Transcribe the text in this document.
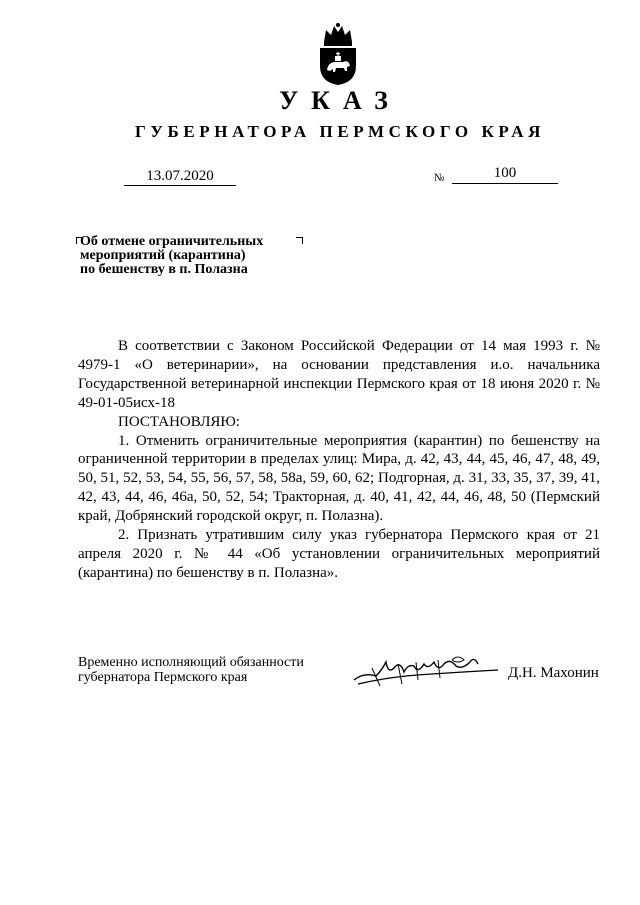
УКАЗ
ГУБЕРНАТОРА ПЕРМСКОГО КРАЯ
13.07.2020	№	100
Об отмене ограничительных
мероприятий (карантина)
по бешенству в п. Полазна

В соответствии с Законом Российской Федерации от 14 мая 1993 г. № 4979-1 «О ветеринарии», на основании представления и.о. начальника Государственной ветеринарной инспекции Пермского края от 18 июня 2020 г. № 49-01-05исх-18

ПОСТАНОВЛЯЮ:

1. Отменить ограничительные мероприятия (карантин) по бешенству на ограниченной территории в пределах улиц: Мира, д. 42, 43, 44, 45, 46, 47, 48, 49, 50, 51, 52, 53, 54, 55, 56, 57, 58, 58а, 59, 60, 62; Подгорная, д. 31, 33, 35, 37, 39, 41, 42, 43, 44, 46, 46а, 50, 52, 54; Тракторная, д. 40, 41, 42, 44, 46, 48, 50 (Пермский край, Добрянский городской округ, п. Полазна).

2. Признать утратившим силу указ губернатора Пермского края от 21 апреля 2020 г. № 44 «Об установлении ограничительных мероприятий (карантина) по бешенству в п. Полазна».

Временно исполняющий обязанности
губернатора Пермского края	Д.Н. Махонин
